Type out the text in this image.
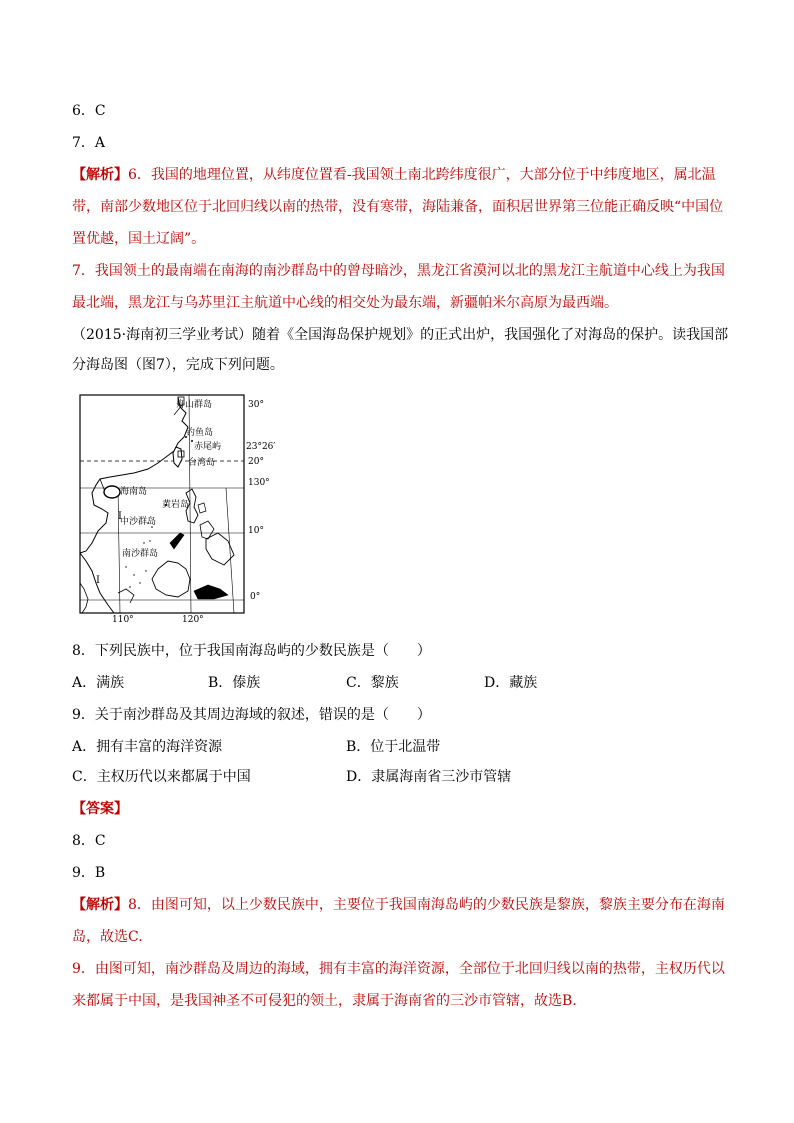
6．C
7．A
【解析】6．我国的地理位置，从纬度位置看-我国领土南北跨纬度很广，大部分位于中纬度地区，属北温
带，南部少数地区位于北回归线以南的热带，没有寒带，海陆兼备，面积居世界第三位能正确反映“中国位
置优越，国土辽阔”。
7．我国领土的最南端在南海的南沙群岛中的曾母暗沙，黑龙江省漠河以北的黑龙江主航道中心线上为我国
最北端，黑龙江与乌苏里江主航道中心线的相交处为最东端，新疆帕米尔高原为最西端。
（2015·海南初三学业考试）随着《全国海岛保护规划》的正式出炉，我国强化了对海岛的保护。读我国部
分海岛图（图7），完成下列问题。
I
I
舟山群岛
钓鱼岛
赤尾屿
台湾岛
海南岛
黄岩岛
中沙群岛
南沙群岛
30°
23°26′
20°
10°
0°
130°
110°	120°
8．下列民族中，位于我国南海岛屿的少数民族是（　　）
A．满族	B．傣族	C．黎族	D．藏族
9．关于南沙群岛及其周边海域的叙述，错误的是（　　）
A．拥有丰富的海洋资源	B．位于北温带
C．主权历代以来都属于中国	D．隶属海南省三沙市管辖
【答案】
8．C
9．B
【解析】8．由图可知，以上少数民族中，主要位于我国南海岛屿的少数民族是黎族，黎族主要分布在海南
岛，故选C.
9．由图可知，南沙群岛及周边的海域，拥有丰富的海洋资源，全部位于北回归线以南的热带，主权历代以
来都属于中国，是我国神圣不可侵犯的领土，隶属于海南省的三沙市管辖，故选B.
